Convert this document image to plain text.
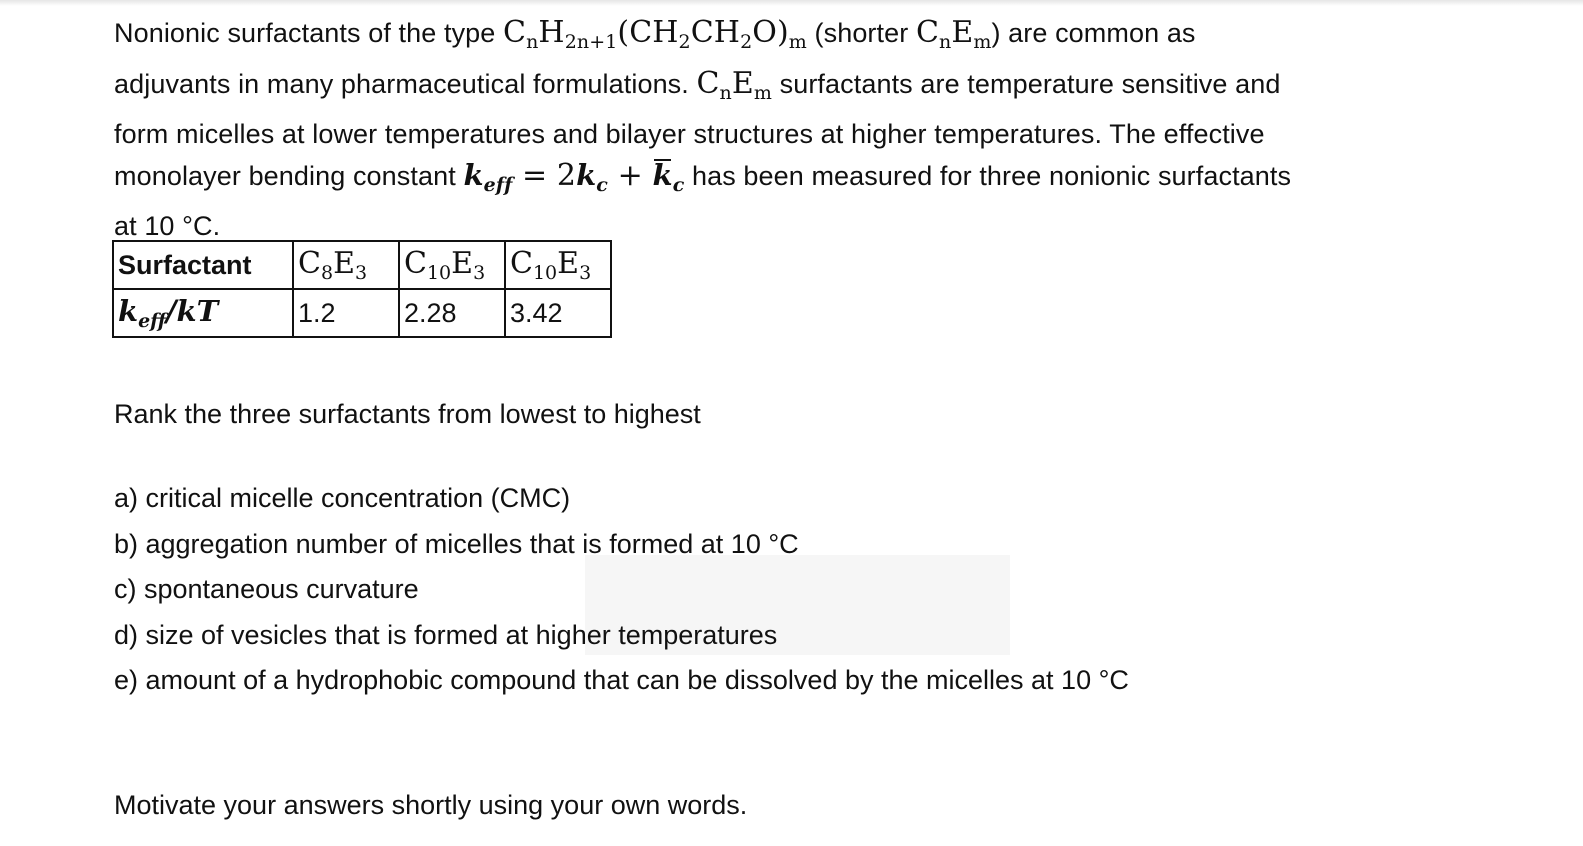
Nonionic surfactants of the type $C_nH_{2n+1}(CH_2CH_2O)_m$ (shorter $C_nE_m$) are common as
adjuvants in many pharmaceutical formulations. $C_nE_m$ surfactants are temperature sensitive and
form micelles at lower temperatures and bilayer structures at higher temperatures. The effective
monolayer bending constant $k_{eff} = 2k_c + k_c$ has been measured for three nonionic surfactants
at 10 °C.
Surfactant	$C_8E_3$	$C_{10}E_3$	$C_{10}E_3$
$k_{eff}/kT$	1.2	2.28	3.42
Rank the three surfactants from lowest to highest
a) critical micelle concentration (CMC)
b) aggregation number of micelles that is formed at 10 °C
c) spontaneous curvature
d) size of vesicles that is formed at higher temperatures
e) amount of a hydrophobic compound that can be dissolved by the micelles at 10 °C
Motivate your answers shortly using your own words.
